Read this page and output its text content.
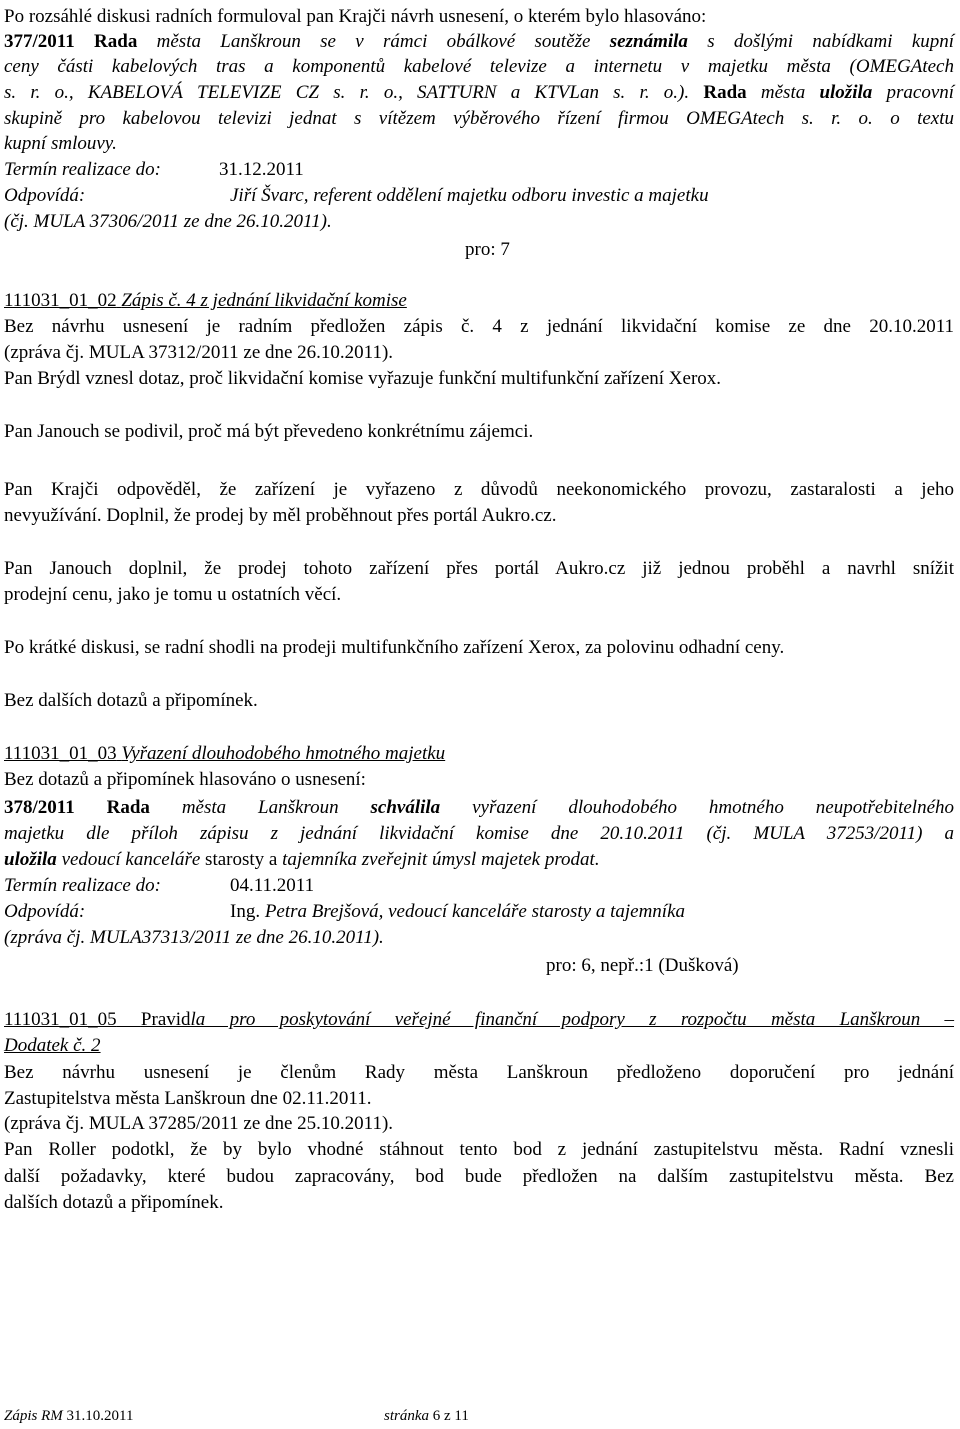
Po rozsáhlé diskusi radních formuloval pan Krajči návrh usnesení, o kterém bylo hlasováno:
377/2011 Rada města Lanškroun se v rámci obálkové soutěže seznámila s došlými nabídkami kupní
ceny části kabelových tras a komponentů kabelové televize a internetu v majetku města (OMEGAtech
s. r. o., KABELOVÁ TELEVIZE CZ s. r. o., SATTURN a KTVLan s. r. o.). Rada města uložila pracovní
skupině pro kabelovou televizi jednat s vítězem výběrového řízení firmou OMEGAtech s. r. o. o textu
kupní smlouvy.
Termín realizace do:	31.12.2011
Odpovídá:	Jiří Švarc, referent oddělení majetku odboru investic a majetku
(čj. MULA 37306/2011 ze dne 26.10.2011).
pro: 7
111031_01_02 Zápis č. 4 z jednání likvidační komise
Bez návrhu usnesení je radním předložen zápis č. 4 z jednání likvidační komise ze dne 20.10.2011
(zpráva čj. MULA 37312/2011 ze dne 26.10.2011).
Pan Brýdl vznesl dotaz, proč likvidační komise vyřazuje funkční multifunkční zařízení Xerox.
Pan Janouch se podivil, proč má být převedeno konkrétnímu zájemci.
Pan Krajči odpověděl, že zařízení je vyřazeno z důvodů neekonomického provozu, zastaralosti a jeho
nevyužívání. Doplnil, že prodej by měl proběhnout přes portál Aukro.cz.
Pan Janouch doplnil, že prodej tohoto zařízení přes portál Aukro.cz již jednou proběhl a navrhl snížit
prodejní cenu, jako je tomu u ostatních věcí.
Po krátké diskusi, se radní shodli na prodeji multifunkčního zařízení Xerox, za polovinu odhadní ceny.
Bez dalších dotazů a připomínek.
111031_01_03 Vyřazení dlouhodobého hmotného majetku
Bez dotazů a připomínek hlasováno o usnesení:
378/2011 Rada města Lanškroun schválila vyřazení dlouhodobého hmotného neupotřebitelného
majetku dle příloh zápisu z jednání likvidační komise dne 20.10.2011 (čj. MULA 37253/2011) a
uložila vedoucí kanceláře starosty a tajemníka zveřejnit úmysl majetek prodat.
Termín realizace do:	04.11.2011
Odpovídá:	Ing. Petra Brejšová, vedoucí kanceláře starosty a tajemníka
(zpráva čj. MULA37313/2011 ze dne 26.10.2011).
pro: 6, nepř.:1 (Dušková)
111031_01_05 Pravidla pro poskytování veřejné finanční podpory z rozpočtu města Lanškroun –
Dodatek č. 2
Bez návrhu usnesení je členům Rady města Lanškroun předloženo doporučení pro jednání
Zastupitelstva města Lanškroun dne 02.11.2011.
(zpráva čj. MULA 37285/2011 ze dne 25.10.2011).
Pan Roller podotkl, že by bylo vhodné stáhnout tento bod z jednání zastupitelstvu města. Radní vznesli
další požadavky, které budou zapracovány, bod bude předložen na dalším zastupitelstvu města. Bez
dalších dotazů a připomínek.
Zápis RM 31.10.2011	stránka 6 z 11
